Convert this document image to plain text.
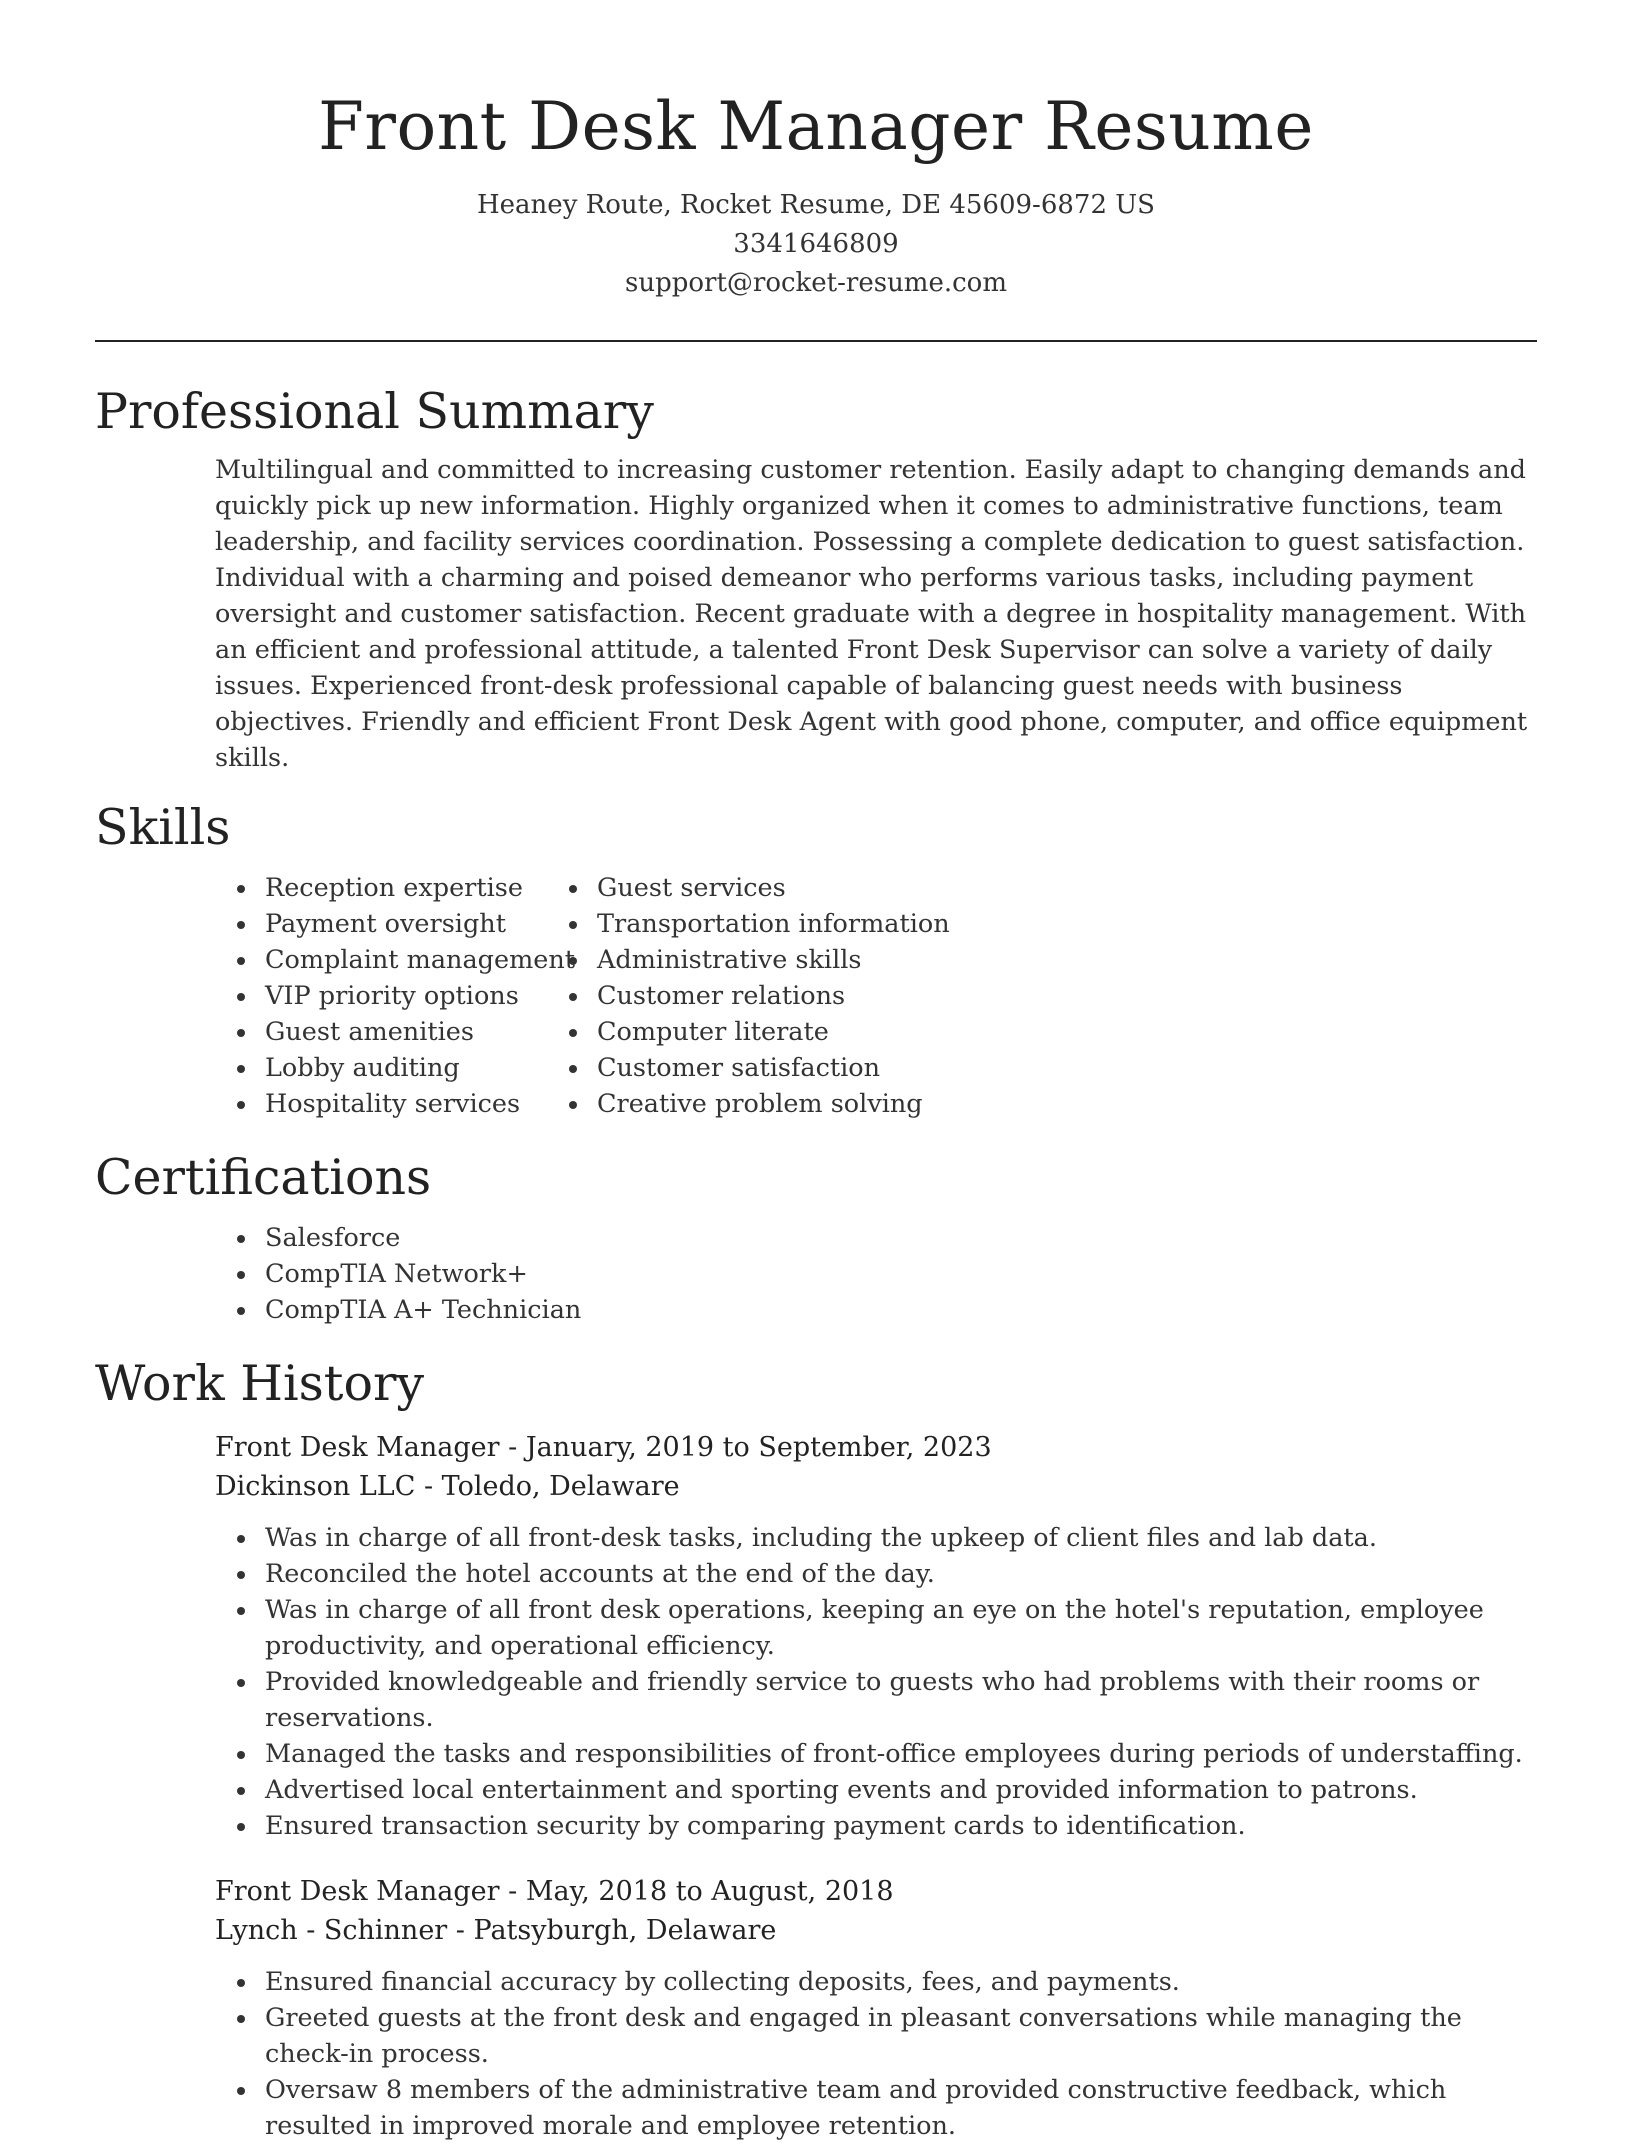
Front Desk Manager Resume
Heaney Route, Rocket Resume, DE 45609-6872 US
3341646809
support@rocket-resume.com
Professional Summary

Multilingual and committed to increasing customer retention. Easily adapt to changing demands and quickly pick up new information. Highly organized when it comes to administrative functions, team leadership, and facility services coordination. Possessing a complete dedication to guest satisfaction. Individual with a charming and poised demeanor who performs various tasks, including payment oversight and customer satisfaction. Recent graduate with a degree in hospitality management. With an efficient and professional attitude, a talented Front Desk Supervisor can solve a variety of daily issues. Experienced front-desk professional capable of balancing guest needs with business objectives. Friendly and efficient Front Desk Agent with good phone, computer, and office equipment skills.

Skills
• Reception expertise
• Payment oversight
• Complaint management
• VIP priority options
• Guest amenities
• Lobby auditing
• Hospitality services
• Guest services
• Transportation information
• Administrative skills
• Customer relations
• Computer literate
• Customer satisfaction
• Creative problem solving
Certifications
• Salesforce
• CompTIA Network+
• CompTIA A+ Technician
Work History
Front Desk Manager - January, 2019 to September, 2023
Dickinson LLC - Toledo, Delaware
• Was in charge of all front-desk tasks, including the upkeep of client files and lab data.
• Reconciled the hotel accounts at the end of the day.
• Was in charge of all front desk operations, keeping an eye on the hotel's reputation, employee productivity, and operational efficiency.
• Provided knowledgeable and friendly service to guests who had problems with their rooms or reservations.
• Managed the tasks and responsibilities of front-office employees during periods of understaffing.
• Advertised local entertainment and sporting events and provided information to patrons.
• Ensured transaction security by comparing payment cards to identification.
Front Desk Manager - May, 2018 to August, 2018
Lynch - Schinner - Patsyburgh, Delaware
• Ensured financial accuracy by collecting deposits, fees, and payments.
• Greeted guests at the front desk and engaged in pleasant conversations while managing the check-in process.
• Oversaw 8 members of the administrative team and provided constructive feedback, which resulted in improved morale and employee retention.
